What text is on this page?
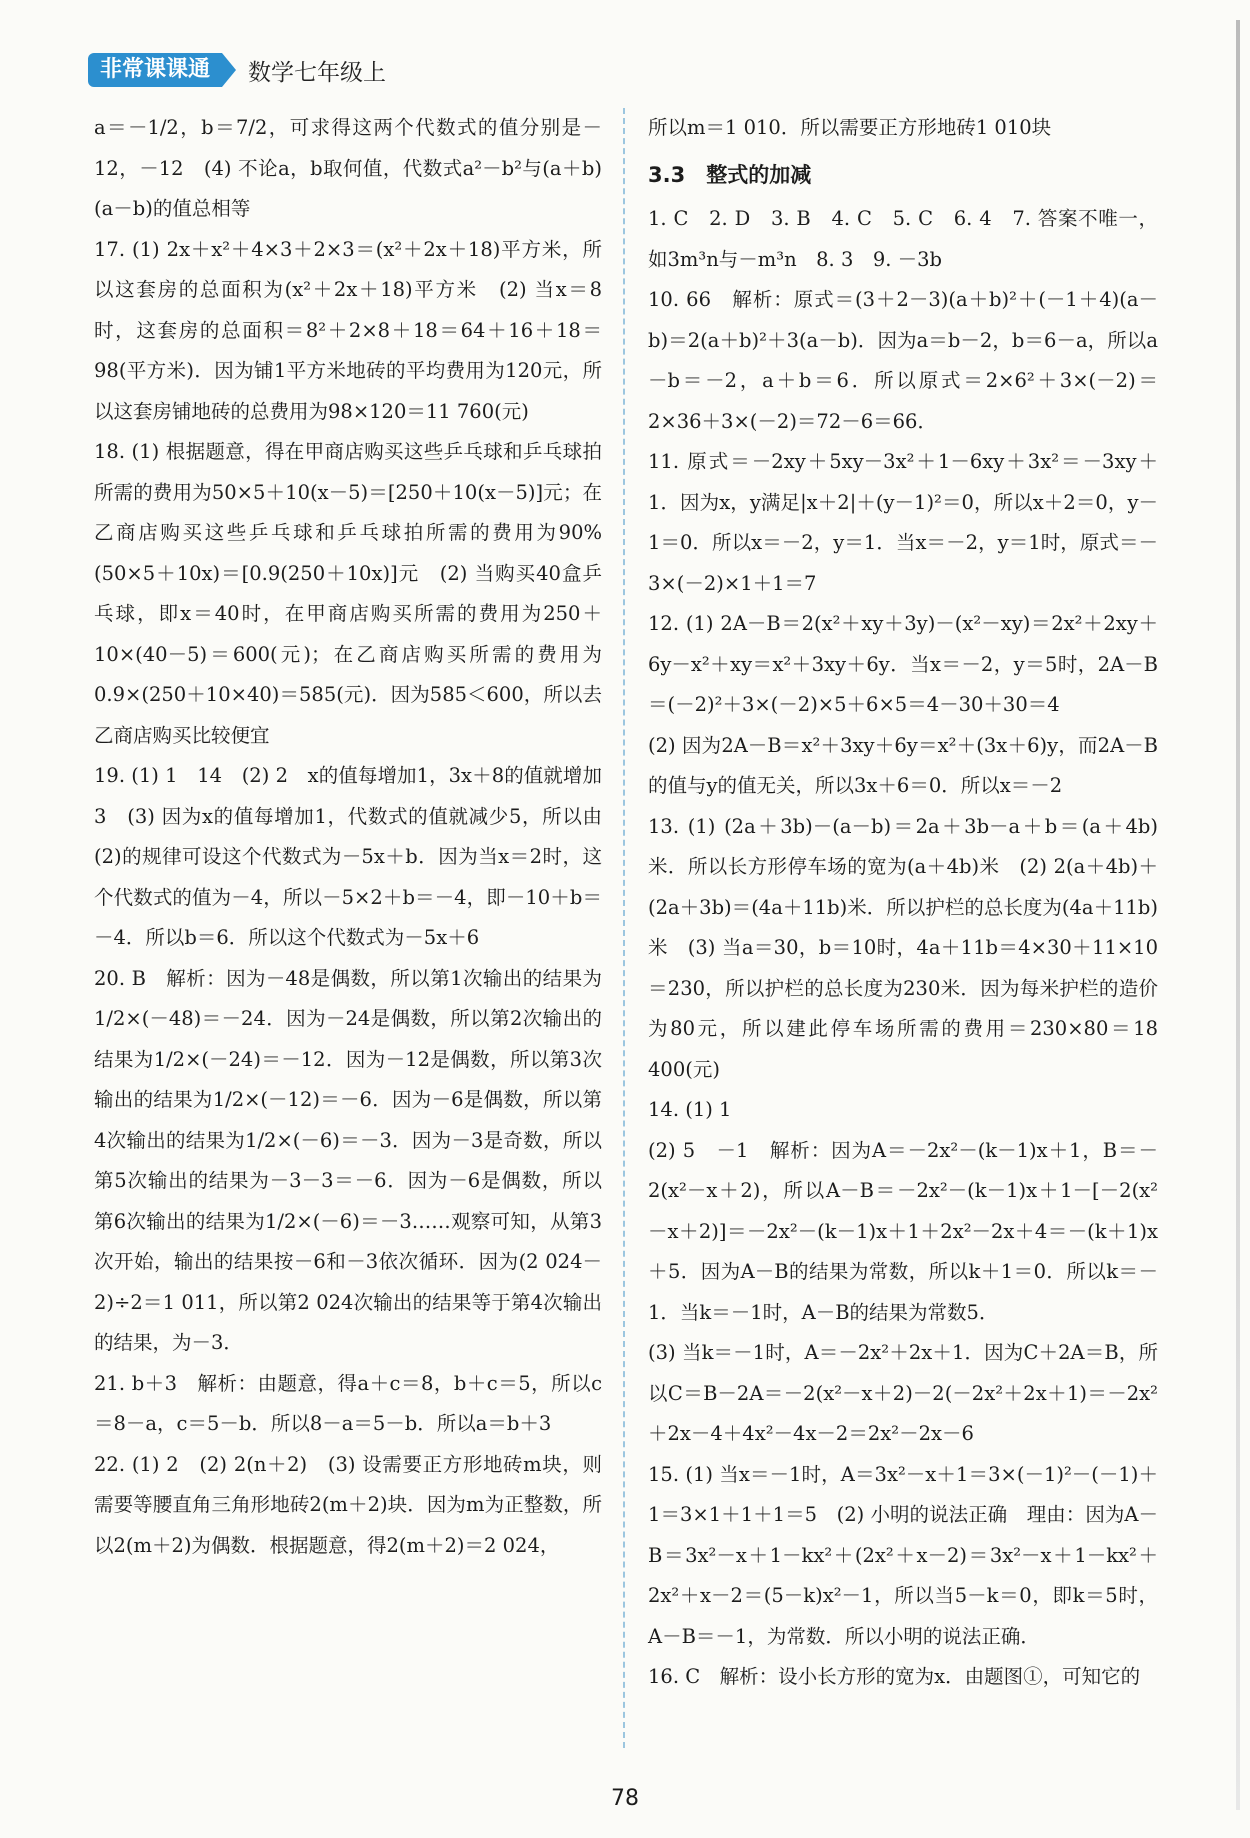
非常课课通	数学七年级上

a＝－1/2，b＝7/2，可求得这两个代数式的值分别是－12，－12　(4) 不论a，b取何值，代数式a²－b²与(a＋b)(a－b)的值总相等

17. (1) 2x＋x²＋4×3＋2×3＝(x²＋2x＋18)平方米，所以这套房的总面积为(x²＋2x＋18)平方米　(2) 当x＝8时，这套房的总面积＝8²＋2×8＋18＝64＋16＋18＝98(平方米)．因为铺1平方米地砖的平均费用为120元，所以这套房铺地砖的总费用为98×120＝11 760(元)

18. (1) 根据题意，得在甲商店购买这些乒乓球和乒乓球拍所需的费用为50×5＋10(x－5)＝[250＋10(x－5)]元；在乙商店购买这些乒乓球和乒乓球拍所需的费用为90%(50×5＋10x)＝[0.9(250＋10x)]元　(2) 当购买40盒乒乓球，即x＝40时，在甲商店购买所需的费用为250＋10×(40－5)＝600(元)；在乙商店购买所需的费用为0.9×(250＋10×40)＝585(元)．因为585＜600，所以去乙商店购买比较便宜

19. (1) 1　14　(2) 2　x的值每增加1，3x＋8的值就增加3　(3) 因为x的值每增加1，代数式的值就减少5，所以由(2)的规律可设这个代数式为－5x＋b．因为当x＝2时，这个代数式的值为－4，所以－5×2＋b＝－4，即－10＋b＝－4．所以b＝6．所以这个代数式为－5x＋6

20. B　解析：因为－48是偶数，所以第1次输出的结果为1/2×(－48)＝－24．因为－24是偶数，所以第2次输出的结果为1/2×(－24)＝－12．因为－12是偶数，所以第3次输出的结果为1/2×(－12)＝－6．因为－6是偶数，所以第4次输出的结果为1/2×(－6)＝－3．因为－3是奇数，所以第5次输出的结果为－3－3＝－6．因为－6是偶数，所以第6次输出的结果为1/2×(－6)＝－3……观察可知，从第3次开始，输出的结果按－6和－3依次循环．因为(2 024－2)÷2＝1 011，所以第2 024次输出的结果等于第4次输出的结果，为－3．

21. b＋3　解析：由题意，得a＋c＝8，b＋c＝5，所以c＝8－a，c＝5－b．所以8－a＝5－b．所以a＝b＋3

22. (1) 2　(2) 2(n＋2)　(3) 设需要正方形地砖m块，则需要等腰直角三角形地砖2(m＋2)块．因为m为正整数，所以2(m＋2)为偶数．根据题意，得2(m＋2)＝2 024，

所以m＝1 010．所以需要正方形地砖1 010块

3.3　整式的加减

1. C　2. D　3. B　4. C　5. C　6. 4　7. 答案不唯一，如3m³n与－m³n　8. 3　9. －3b

10. 66　解析：原式＝(3＋2－3)(a＋b)²＋(－1＋4)(a－b)＝2(a＋b)²＋3(a－b)．因为a＝b－2，b＝6－a，所以a－b＝－2，a＋b＝6．所以原式＝2×6²＋3×(－2)＝2×36＋3×(－2)＝72－6＝66．

11. 原式＝－2xy＋5xy－3x²＋1－6xy＋3x²＝－3xy＋1．因为x，y满足|x＋2|＋(y－1)²＝0，所以x＋2＝0，y－1＝0．所以x＝－2，y＝1．当x＝－2，y＝1时，原式＝－3×(－2)×1＋1＝7

12. (1) 2A－B＝2(x²＋xy＋3y)－(x²－xy)＝2x²＋2xy＋6y－x²＋xy＝x²＋3xy＋6y．当x＝－2，y＝5时，2A－B＝(－2)²＋3×(－2)×5＋6×5＝4－30＋30＝4

(2) 因为2A－B＝x²＋3xy＋6y＝x²＋(3x＋6)y，而2A－B的值与y的值无关，所以3x＋6＝0．所以x＝－2

13. (1) (2a＋3b)－(a－b)＝2a＋3b－a＋b＝(a＋4b)米．所以长方形停车场的宽为(a＋4b)米　(2) 2(a＋4b)＋(2a＋3b)＝(4a＋11b)米．所以护栏的总长度为(4a＋11b)米　(3) 当a＝30，b＝10时，4a＋11b＝4×30＋11×10＝230，所以护栏的总长度为230米．因为每米护栏的造价为80元，所以建此停车场所需的费用＝230×80＝18 400(元)

14. (1) 1

(2) 5　－1　解析：因为A＝－2x²－(k－1)x＋1，B＝－2(x²－x＋2)，所以A－B＝－2x²－(k－1)x＋1－[－2(x²－x＋2)]＝－2x²－(k－1)x＋1＋2x²－2x＋4＝－(k＋1)x＋5．因为A－B的结果为常数，所以k＋1＝0．所以k＝－1．当k＝－1时，A－B的结果为常数5．

(3) 当k＝－1时，A＝－2x²＋2x＋1．因为C＋2A＝B，所以C＝B－2A＝－2(x²－x＋2)－2(－2x²＋2x＋1)＝－2x²＋2x－4＋4x²－4x－2＝2x²－2x－6

15. (1) 当x＝－1时，A＝3x²－x＋1＝3×(－1)²－(－1)＋1＝3×1＋1＋1＝5　(2) 小明的说法正确　理由：因为A－B＝3x²－x＋1－kx²＋(2x²＋x－2)＝3x²－x＋1－kx²＋2x²＋x－2＝(5－k)x²－1，所以当5－k＝0，即k＝5时，A－B＝－1，为常数．所以小明的说法正确．

16. C　解析：设小长方形的宽为x．由题图①，可知它的

78
